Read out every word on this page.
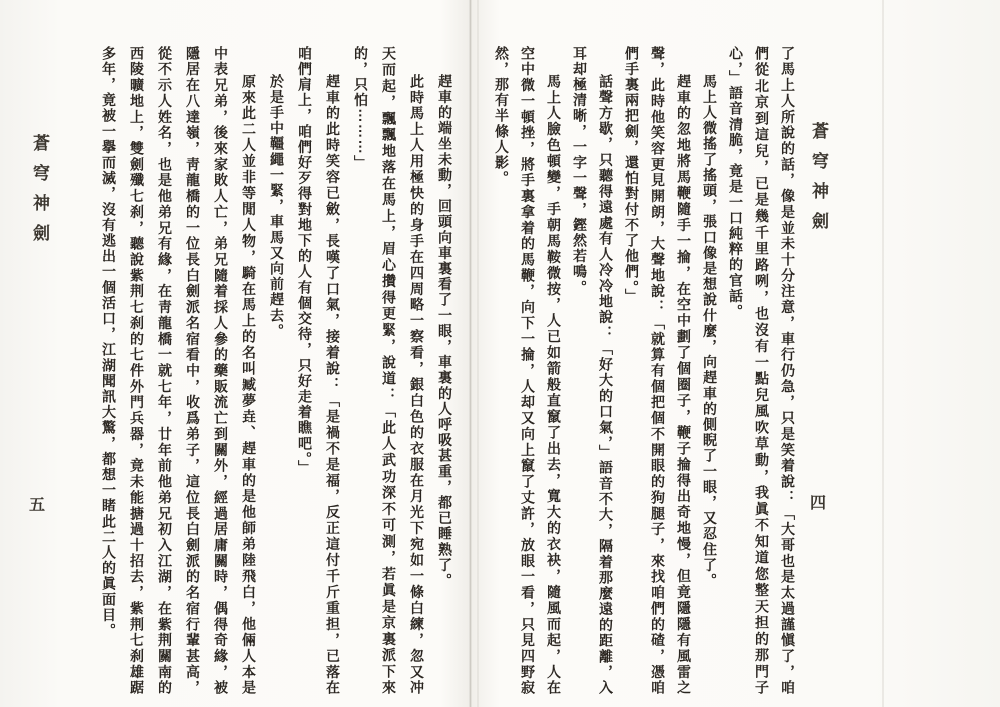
蒼穹神劍
四

了馬上人所說的話，像是並未十分注意，車行仍急，只是笑着說：「大哥也是太過謹愼了，咱們從北京到這兒，已是幾千里路咧，也沒有一點兒風吹草動，我眞不知道您整天担的那門子心，」語音清脆，竟是一口純粹的官話。

馬上人微搖了搖頭，張口像是想說什麼，向趕車的側睨了一眼，又忍住了。

趕車的忽地將馬鞭隨手一掄，在空中劃了個圈子，鞭子掄得出奇地慢，但竟隱隱有風雷之聲，此時他笑容更見開朗，大聲地說：「就算有個把個不開眼的狗腿子，來找咱們的碴，憑咱們手裏兩把劍，還怕對付不了他們。」

話聲方歇，只聽得遠處有人冷冷地說：「好大的口氣，」語音不大，隔着那麼遠的距離，入耳却極清晰，一字一聲，鏗然若鳴。

馬上人臉色頓變，手朝馬鞍微按，人已如箭般直竄了出去，寬大的衣袂，隨風而起，人在空中微一頓挫，將手裏拿着的馬鞭，向下一掄，人却又向上竄了丈許，放眼一看，只見四野寂然，那有半條人影。

蒼穹神劍
五	趕車的端坐未動，回頭向車裏看了一眼，車裏的人呼吸甚重，都已睡熟了。

此時馬上人用極快的身手在四周略一察看，銀白色的衣服在月光下宛如一條白練，忽又冲天而起，飄飄地落在馬上，眉心攢得更緊，說道：「此人武功深不可測，若眞是京裏派下來的，只怕⋯⋯⋯」

趕車的此時笑容已斂，長嘆了口氣，接着說：「是禍不是福，反正這付千斤重担，已落在咱們肩上，咱們好歹得對地下的人有個交待，只好走着瞧吧。」

於是手中韁繩一緊，車馬又向前趕去。

原來此二人並非等閒人物，騎在馬上的名叫臧夢垚、趕車的是他師弟陸飛白，他倆人本是中表兄弟，後來家敗人亡，弟兄隨着採人參的藥販流亡到關外，經過居庸關時，偶得奇緣，被隱居在八達嶺，靑龍橋的一位長白劍派名宿看中，收爲弟子，這位長白劍派的名宿行輩甚高，從不示人姓名，也是他弟兄有緣，在靑龍橋一就七年，廿年前他弟兄初入江湖，在紫荆關南的西陵曠地上，雙劍殲七刹，聽說紫荆七刹的七件外門兵器，竟未能搪過十招去，紫荆七刹雄踞多年，竟被一擧而滅，沒有逃出一個活口，江湖聞訊大驚，都想一睹此二人的眞面目。
